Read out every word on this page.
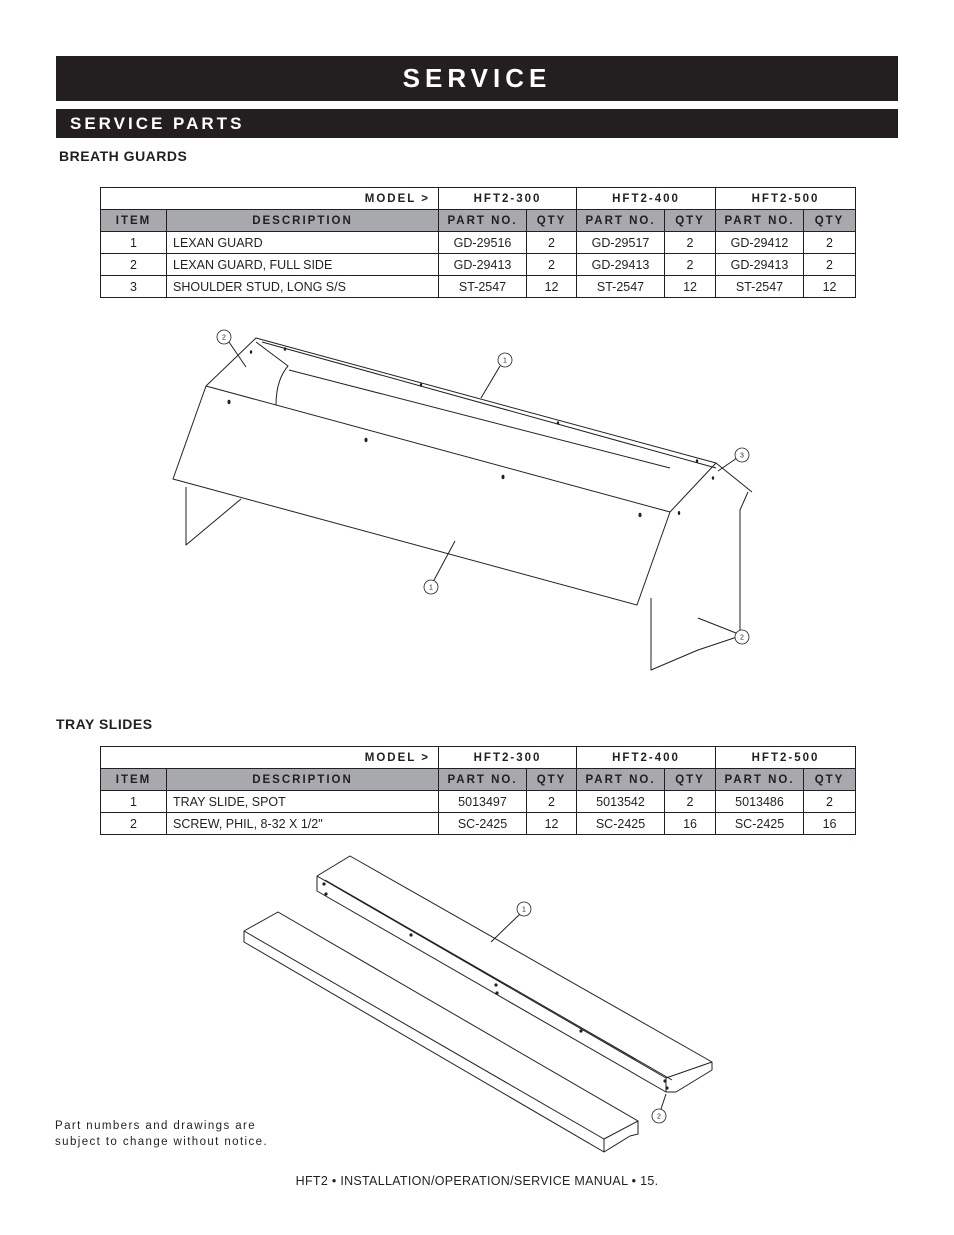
SERVICE
SERVICE PARTS
BREATH GUARDS
MODEL >		HFT2-300		HFT2-400		HFT2-500	
ITEM	DESCRIPTION	PART NO.	QTY	PART NO.	QTY	PART NO.	QTY
1	LEXAN GUARD	GD-29516	2	GD-29517	2	GD-29412	2
2	LEXAN GUARD, FULL SIDE	GD-29413	2	GD-29413	2	GD-29413	2
3	SHOULDER STUD, LONG S/S	ST-2547	12	ST-2547	12	ST-2547	12
2
1
3
1
2
TRAY SLIDES
MODEL >		HFT2-300		HFT2-400		HFT2-500	
ITEM	DESCRIPTION	PART NO.	QTY	PART NO.	QTY	PART NO.	QTY
1	TRAY SLIDE, SPOT	5013497	2	5013542	2	5013486	2
2	SCREW, PHIL, 8-32 X 1/2"	SC-2425	12	SC-2425	16	SC-2425	16
1
2
Part numbers and drawings are
subject to change without notice.
HFT2 • INSTALLATION/OPERATION/SERVICE MANUAL • 15.
